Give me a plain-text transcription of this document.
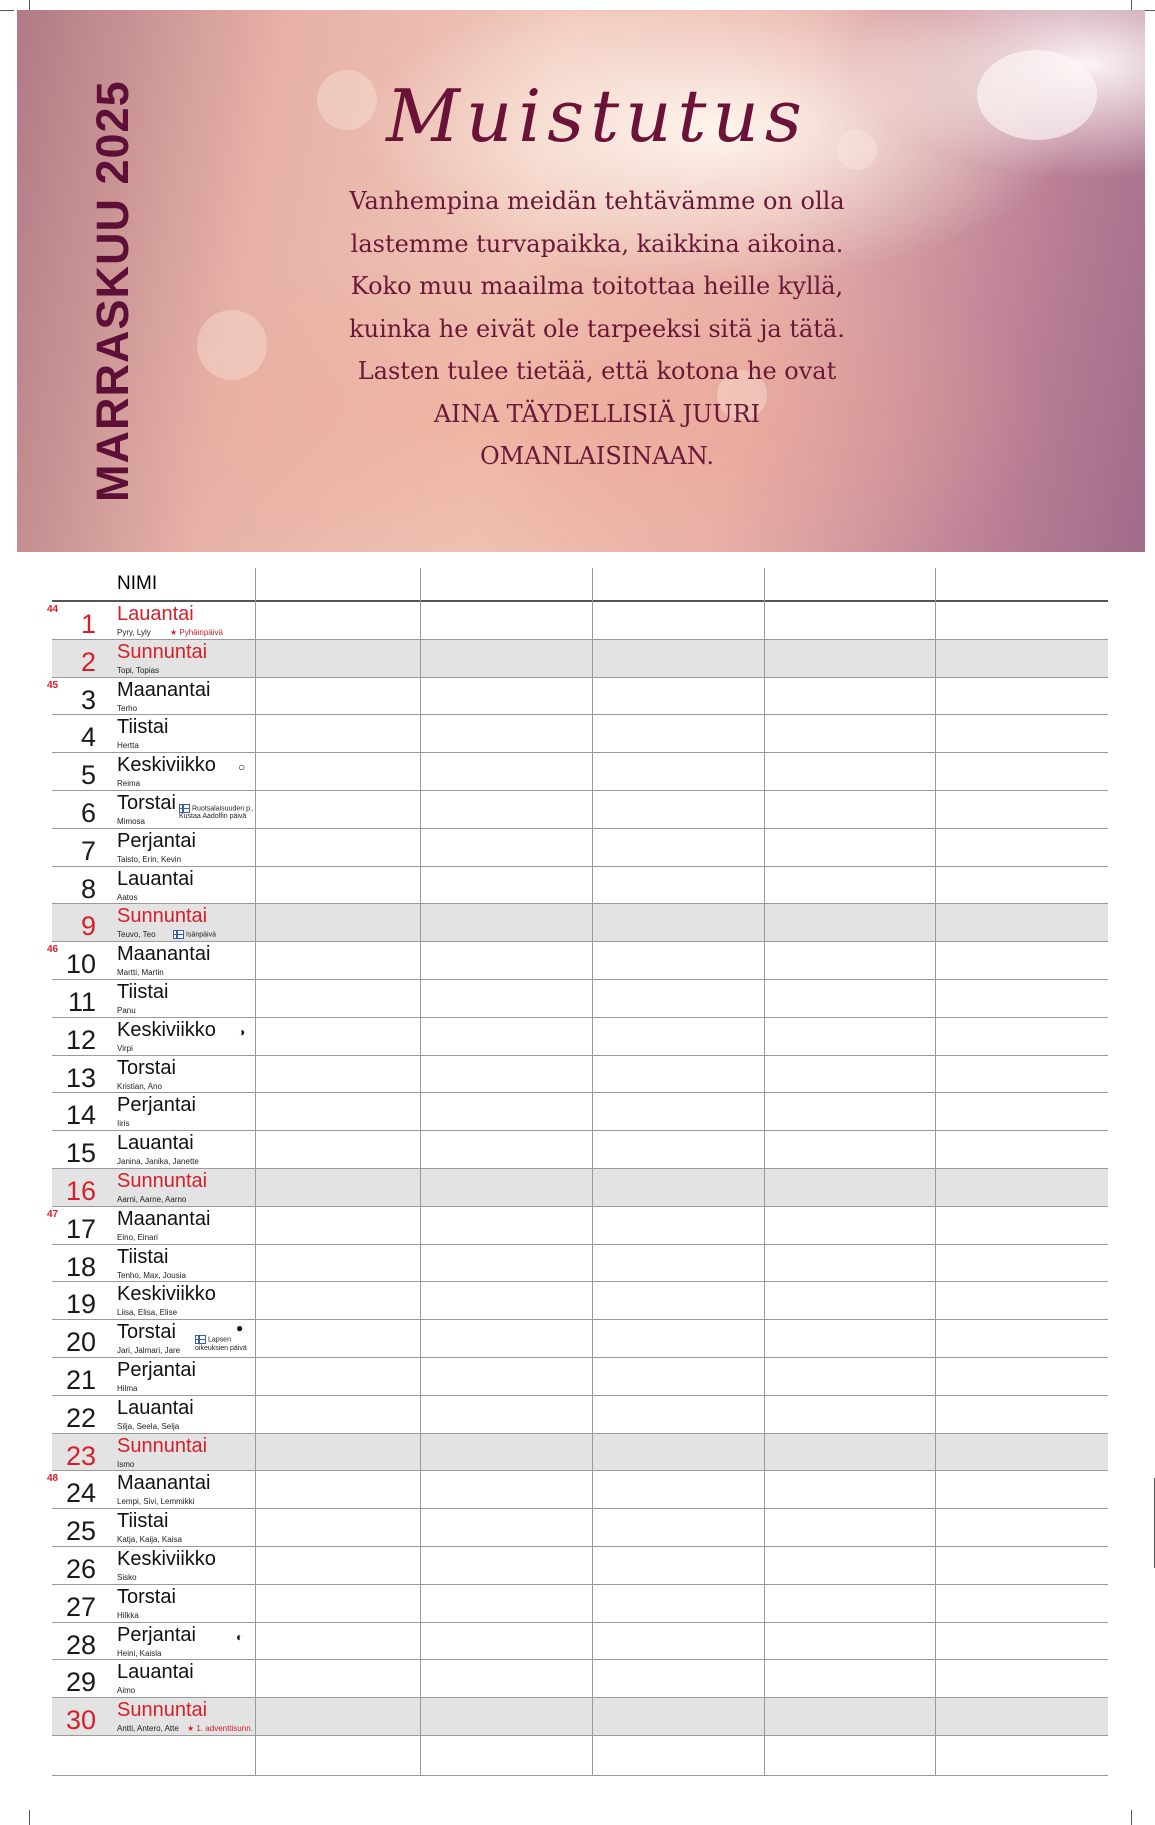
MARRASKUU 2025	Muistutus
Vanhempina meidän tehtävämme on olla
lastemme turvapaikka, kaikkina aikoina.
Koko muu maailma toitottaa heille kyllä,
kuinka he eivät ole tarpeeksi sitä ja tätä.
Lasten tulee tietää, että kotona he ovat
AINA TÄYDELLISIÄ JUURI
OMANLAISINAAN.
NIMI
44 1 Lauantai
Pyry, Lyly ★ Pyhäinpäivä
2 Sunnuntai
Topi, Topias
45 3 Maanantai
Terho
4 Tiistai
Hertta
5 Keskiviikko
Reima
○
6 Torstai
Mimosa
Ruotsalaisuuden p.,
Kustaa Aadolfin päivä
7 Perjantai
Taisto, Erin, Kevin
8 Lauantai
Aatos
9 Sunnuntai
Teuvo, Teo	Isänpäivä
46 10 Maanantai
Martti, Martin
11 Tiistai
Panu
12 Keskiviikko
Virpi
◑
13 Torstai
Kristian, Ano
14 Perjantai
Iiris
15 Lauantai
Janina, Janika, Janette
16 Sunnuntai
Aarni, Aarne, Aarno
47 17 Maanantai
Eino, Einari
18 Tiistai
Tenho, Max, Jousia
19 Keskiviikko
Liisa, Elisa, Elise
20 Torstai
Jari, Jalmari, Jare
Lapsen
oikeuksien päivä
●
21 Perjantai
Hilma
22 Lauantai
Silja, Seela, Selja
23 Sunnuntai
Ismo
48 24 Maanantai
Lempi, Sivi, Lemmikki
25 Tiistai
Katja, Kaija, Kaisa
26 Keskiviikko
Sisko
27 Torstai
Hilkka
28 Perjantai
Heini, Kaisla
◐
29 Lauantai
Aimo
30 Sunnuntai
Antti, Antero, Atte ★ 1. adventtisunn.
